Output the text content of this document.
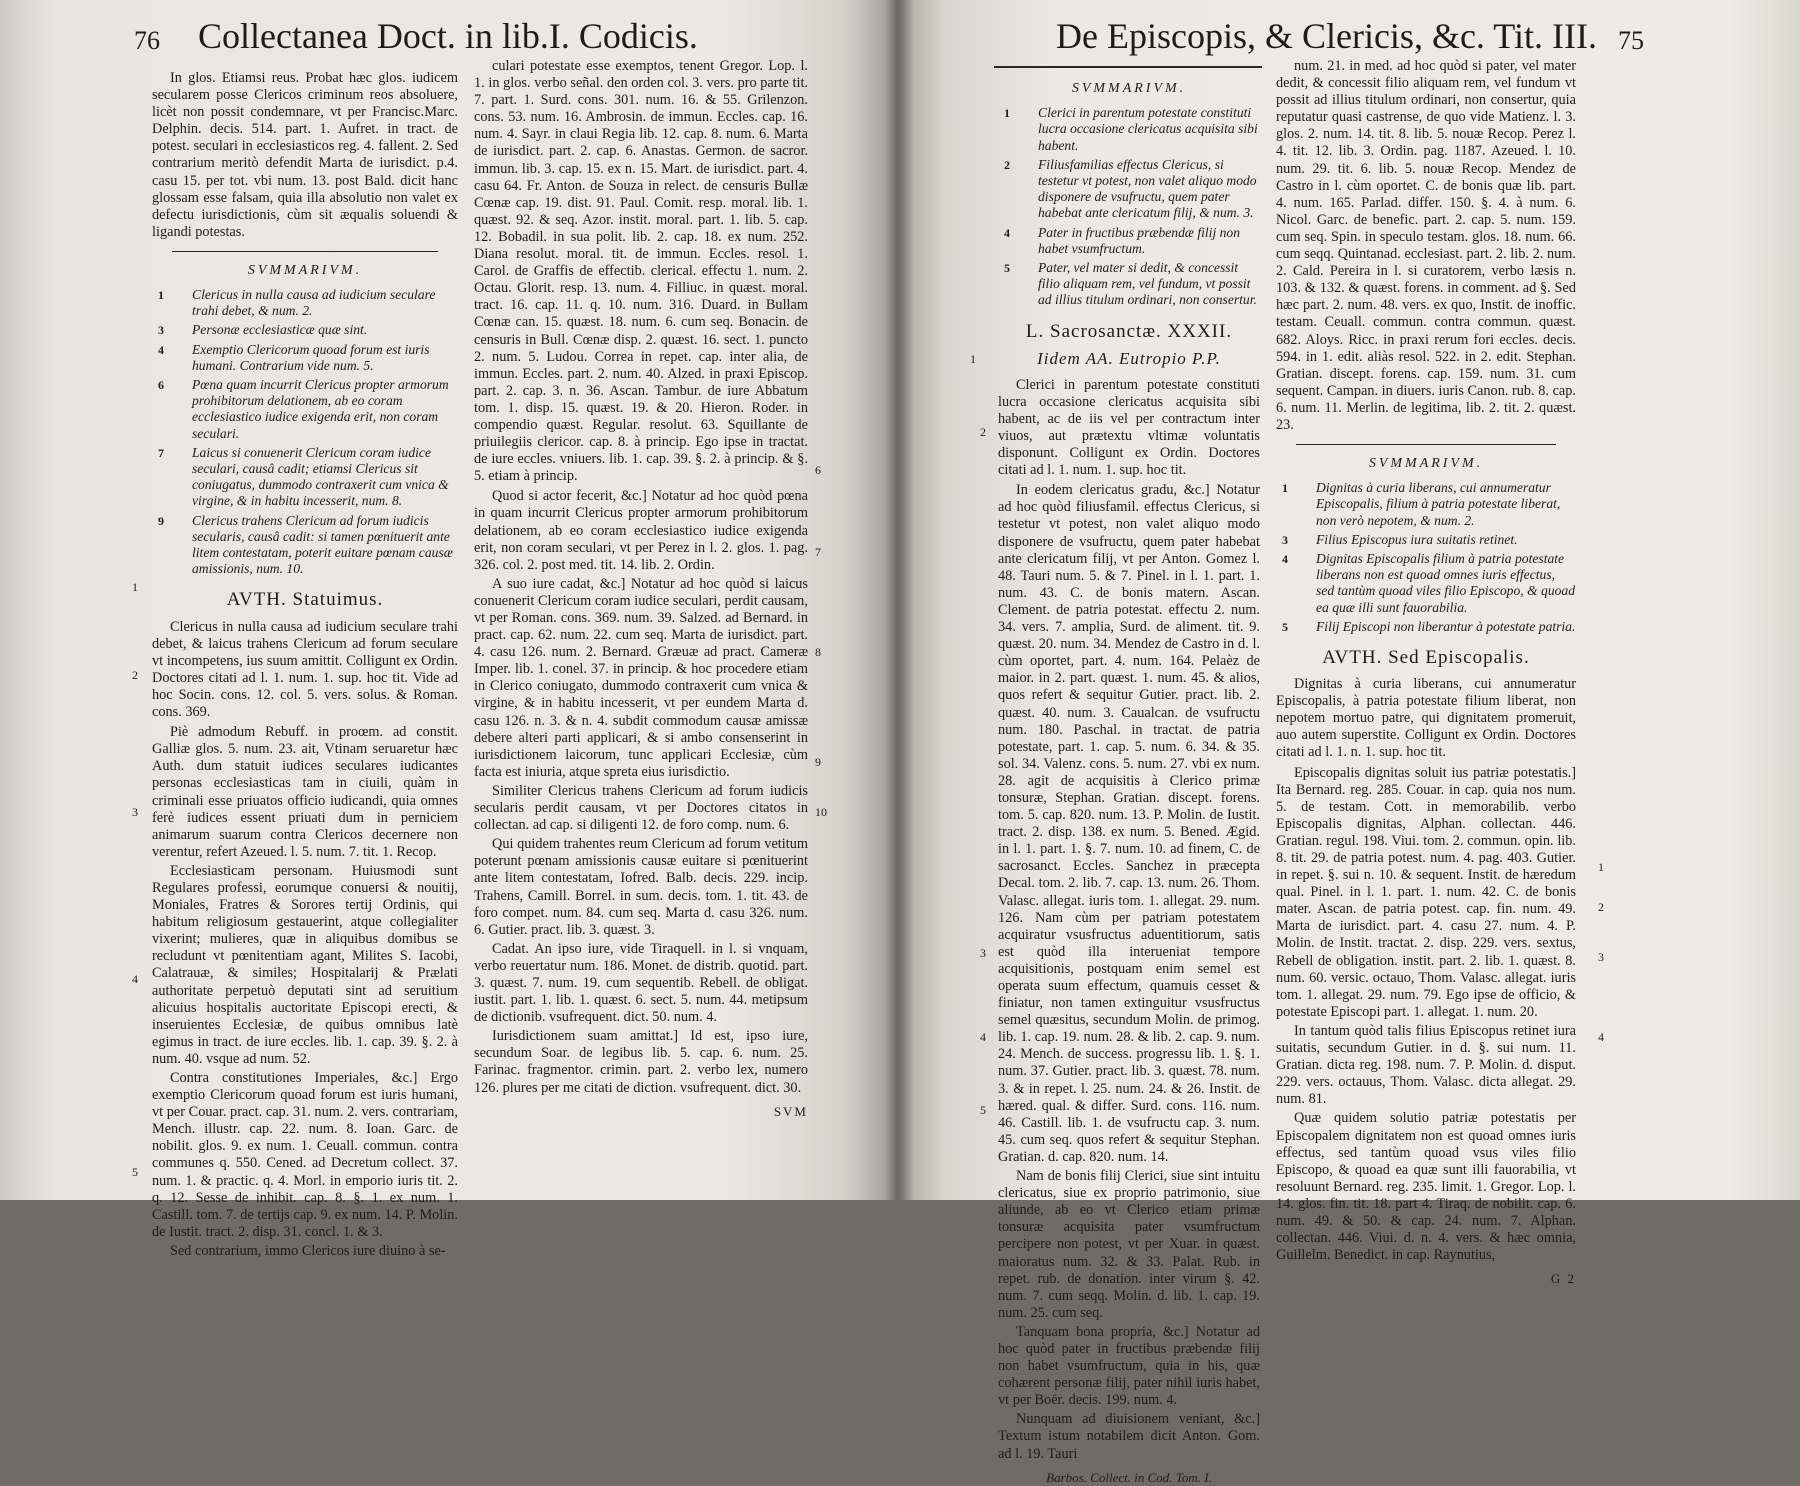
76 Collectanea Doct. in lib.I. Codicis.

In glos. Etiamsi reus. Probat hæc glos. iudicem secularem posse Clericos criminum reos absoluere, licèt non possit condemnare, vt per Francisc.Marc. Delphin. decis. 514. part. 1. Aufret. in tract. de potest. seculari in ecclesiasticos reg. 4. fallent. 2. Sed contrarium meritò defendit Marta de iurisdict. p.4. casu 15. per tot. vbi num. 13. post Bald. dicit hanc glossam esse falsam, quia illa absolutio non valet ex defectu iurisdictionis, cùm sit æqualis soluendi & ligandi potestas.

SVMMARIVM.
1 Clericus in nulla causa ad iudicium seculare trahi debet, & num. 2.
3 Personæ ecclesiasticæ quæ sint.
4 Exemptio Clericorum quoad forum est iuris humani. Contrarium vide num. 5.
6 Pœna quam incurrit Clericus propter armorum prohibitorum delationem, ab eo coram ecclesiastico iudice exigenda erit, non coram seculari.
7 Laicus si conuenerit Clericum coram iudice seculari, causâ cadit; etiamsi Clericus sit coniugatus, dummodo contraxerit cum vnica & virgine, & in habitu incesserit, num. 8.
9 Clericus trahens Clericum ad forum iudicis secularis, causâ cadit: si tamen pœnituerit ante litem contestatam, poterit euitare pœnam causæ amissionis, num. 10.
AVTH. Statuimus.

Clericus in nulla causa ad iudicium seculare trahi debet, & laicus trahens Clericum ad forum seculare vt incompetens, ius suum amittit. Colligunt ex Ordin. Doctores citati ad l. 1. num. 1. sup. hoc tit. Vide ad hoc Socin. cons. 12. col. 5. vers. solus. & Roman. cons. 369.

Piè admodum Rebuff. in proœm. ad constit. Galliæ glos. 5. num. 23. ait, Vtinam seruaretur hæc Auth. dum statuit iudices seculares iudicantes personas ecclesiasticas tam in ciuili, quàm in criminali esse priuatos officio iudicandi, quia omnes ferè iudices essent priuati dum in perniciem animarum suarum contra Clericos decernere non verentur, refert Azeued. l. 5. num. 7. tit. 1. Recop.

Ecclesiasticam personam. Huiusmodi sunt Regulares professi, eorumque conuersi & nouitij, Moniales, Fratres & Sorores tertij Ordinis, qui habitum religiosum gestauerint, atque collegialiter vixerint; mulieres, quæ in aliquibus domibus se recludunt vt pœnitentiam agant, Milites S. Iacobi, Calatrauæ, & similes; Hospitalarij & Prælati authoritate perpetuò deputati sint ad seruitium alicuius hospitalis auctoritate Episcopi erecti, & inseruientes Ecclesiæ, de quibus omnibus latè egimus in tract. de iure eccles. lib. 1. cap. 39. §. 2. à num. 40. vsque ad num. 52.

Contra constitutiones Imperiales, &c.] Ergo exemptio Clericorum quoad forum est iuris humani, vt per Couar. pract. cap. 31. num. 2. vers. contrariam, Mench. illustr. cap. 22. num. 8. Ioan. Garc. de nobilit. glos. 9. ex num. 1. Ceuall. commun. contra communes q. 550. Cened. ad Decretum collect. 37. num. 1. & practic. q. 4. Morl. in emporio iuris tit. 2. q. 12. Sesse de inhibit. cap. 8. §. 1. ex num. 1. Castill. tom. 7. de tertijs cap. 9. ex num. 14. P. Molin. de Iustit. tract. 2. disp. 31. concl. 1. & 3.

Sed contrarium, immo Clericos iure diuino à se-

culari potestate esse exemptos, tenent Gregor. Lop. l. 1. in glos. verbo señal. den orden col. 3. vers. pro parte tit. 7. part. 1. Surd. cons. 301. num. 16. & 55. Grilenzon. cons. 53. num. 16. Ambrosin. de immun. Eccles. cap. 16. num. 4. Sayr. in claui Regia lib. 12. cap. 8. num. 6. Marta de iurisdict. part. 2. cap. 6. Anastas. Germon. de sacror. immun. lib. 3. cap. 15. ex n. 15. Mart. de iurisdict. part. 4. casu 64. Fr. Anton. de Souza in relect. de censuris Bullæ Cœnæ cap. 19. dist. 91. Paul. Comit. resp. moral. lib. 1. quæst. 92. & seq. Azor. instit. moral. part. 1. lib. 5. cap. 12. Bobadil. in sua polit. lib. 2. cap. 18. ex num. 252. Diana resolut. moral. tit. de immun. Eccles. resol. 1. Carol. de Graffis de effectib. clerical. effectu 1. num. 2. Octau. Glorit. resp. 13. num. 4. Filliuc. in quæst. moral. tract. 16. cap. 11. q. 10. num. 316. Duard. in Bullam Cœnæ can. 15. quæst. 18. num. 6. cum seq. Bonacin. de censuris in Bull. Cœnæ disp. 2. quæst. 16. sect. 1. puncto 2. num. 5. Ludou. Correa in repet. cap. inter alia, de immun. Eccles. part. 2. num. 40. Alzed. in praxi Episcop. part. 2. cap. 3. n. 36. Ascan. Tambur. de iure Abbatum tom. 1. disp. 15. quæst. 19. & 20. Hieron. Roder. in compendio quæst. Regular. resolut. 63. Squillante de priuilegiis clericor. cap. 8. à princip. Ego ipse in tractat. de iure eccles. vniuers. lib. 1. cap. 39. §. 2. à princip. & §. 5. etiam à princip.

Quod si actor fecerit, &c.] Notatur ad hoc quòd pœna in quam incurrit Clericus propter armorum prohibitorum delationem, ab eo coram ecclesiastico iudice exigenda erit, non coram seculari, vt per Perez in l. 2. glos. 1. pag. 326. col. 2. post med. tit. 14. lib. 2. Ordin.

A suo iure cadat, &c.] Notatur ad hoc quòd si laicus conuenerit Clericum coram iudice seculari, perdit causam, vt per Roman. cons. 369. num. 39. Salzed. ad Bernard. in pract. cap. 62. num. 22. cum seq. Marta de iurisdict. part. 4. casu 126. num. 2. Bernard. Græuæ ad pract. Cameræ Imper. lib. 1. conel. 37. in princip. & hoc procedere etiam in Clerico coniugato, dummodo contraxerit cum vnica & virgine, & in habitu incesserit, vt per eundem Marta d. casu 126. n. 3. & n. 4. subdit commodum causæ amissæ debere alteri parti applicari, & si ambo consenserint in iurisdictionem laicorum, tunc applicari Ecclesiæ, cùm facta est iniuria, atque spreta eius iurisdictio.

Similiter Clericus trahens Clericum ad forum iudicis secularis perdit causam, vt per Doctores citatos in collectan. ad cap. si diligenti 12. de foro comp. num. 6.

Qui quidem trahentes reum Clericum ad forum vetitum poterunt pœnam amissionis causæ euitare si pœnituerint ante litem contestatam, Iofred. Balb. decis. 229. incip. Trahens, Camill. Borrel. in sum. decis. tom. 1. tit. 43. de foro compet. num. 84. cum seq. Marta d. casu 326. num. 6. Gutier. pract. lib. 3. quæst. 3.

Cadat. An ipso iure, vide Tiraquell. in l. si vnquam, verbo reuertatur num. 186. Monet. de distrib. quotid. part. 3. quæst. 7. num. 19. cum sequentib. Rebell. de obligat. iustit. part. 1. lib. 1. quæst. 6. sect. 5. num. 44. metipsum de dictionib. vsufrequent. dict. 50. num. 4.

Iurisdictionem suam amittat.] Id est, ipso iure, secundum Soar. de legibus lib. 5. cap. 6. num. 25. Farinac. fragmentor. crimin. part. 2. verbo lex, numero 126. plures per me citati de diction. vsufrequent. dict. 30.

SVM
1
2
3
4
5
6
7
8
9
10
De Episcopis, & Clericis, &c. Tit. III. 75
SVMMARIVM.
1 Clerici in parentum potestate constituti lucra occasione clericatus acquisita sibi habent.
2 Filiusfamilias effectus Clericus, si testetur vt potest, non valet aliquo modo disponere de vsufructu, quem pater habebat ante clericatum filij, & num. 3.
4 Pater in fructibus præbendæ filij non habet vsumfructum.
5 Pater, vel mater si dedit, & concessit filio aliquam rem, vel fundum, vt possit ad illius titulum ordinari, non consertur.
L. Sacrosanctæ. XXXII.
Iidem AA. Eutropio P.P.

Clerici in parentum potestate constituti lucra occasione clericatus acquisita sibi habent, ac de iis vel per contractum inter viuos, aut prætextu vltimæ voluntatis disponunt. Colligunt ex Ordin. Doctores citati ad l. 1. num. 1. sup. hoc tit.

In eodem clericatus gradu, &c.] Notatur ad hoc quòd filiusfamil. effectus Clericus, si testetur vt potest, non valet aliquo modo disponere de vsufructu, quem pater habebat ante clericatum filij, vt per Anton. Gomez l. 48. Tauri num. 5. & 7. Pinel. in l. 1. part. 1. num. 43. C. de bonis matern. Ascan. Clement. de patria potestat. effectu 2. num. 34. vers. 7. amplia, Surd. de aliment. tit. 9. quæst. 20. num. 34. Mendez de Castro in d. l. cùm oportet, part. 4. num. 164. Pelaèz de maior. in 2. part. quæst. 1. num. 45. & alios, quos refert & sequitur Gutier. pract. lib. 2. quæst. 40. num. 3. Caualcan. de vsufructu num. 180. Paschal. in tractat. de patria potestate, part. 1. cap. 5. num. 6. 34. & 35. sol. 34. Valenz. cons. 5. num. 27. vbi ex num. 28. agit de acquisitis à Clerico primæ tonsuræ, Stephan. Gratian. discept. forens. tom. 5. cap. 820. num. 13. P. Molin. de Iustit. tract. 2. disp. 138. ex num. 5. Bened. Ægid. in l. 1. part. 1. §. 7. num. 10. ad finem, C. de sacrosanct. Eccles. Sanchez in præcepta Decal. tom. 2. lib. 7. cap. 13. num. 26. Thom. Valasc. allegat. iuris tom. 1. allegat. 29. num. 126. Nam cùm per patriam potestatem acquiratur vsusfructus aduentitiorum, satis est quòd illa interueniat tempore acquisitionis, postquam enim semel est operata suum effectum, quamuis cesset & finiatur, non tamen extinguitur vsusfructus semel quæsitus, secundum Molin. de primog. lib. 1. cap. 19. num. 28. & lib. 2. cap. 9. num. 24. Mench. de success. progressu lib. 1. §. 1. num. 37. Gutier. pract. lib. 3. quæst. 78. num. 3. & in repet. l. 25. num. 24. & 26. Instit. de hæred. qual. & differ. Surd. cons. 116. num. 46. Castill. lib. 1. de vsufructu cap. 3. num. 45. cum seq. quos refert & sequitur Stephan. Gratian. d. cap. 820. num. 14.

Nam de bonis filij Clerici, siue sint intuitu clericatus, siue ex proprio patrimonio, siue aliunde, ab eo vt Clerico etiam primæ tonsuræ acquisita pater vsumfructum percipere non potest, vt per Xuar. in quæst. maioratus num. 32. & 33. Palat. Rub. in repet. rub. de donation. inter virum §. 42. num. 7. cum seqq. Molin. d. lib. 1. cap. 19. num. 25. cum seq.

Tanquam bona propria, &c.] Notatur ad hoc quòd pater in fructibus præbendæ filij non habet vsumfructum, quia in his, quæ cohærent personæ filij, pater nihil iuris habet, vt per Boër. decis. 199. num. 4.

Nunquam ad diuisionem veniant, &c.] Textum istum notabilem dicit Anton. Gom. ad l. 19. Tauri

Barbos. Collect. in Cod. Tom. I.

num. 21. in med. ad hoc quòd si pater, vel mater dedit, & concessit filio aliquam rem, vel fundum vt possit ad illius titulum ordinari, non consertur, quia reputatur quasi castrense, de quo vide Matienz. l. 3. glos. 2. num. 14. tit. 8. lib. 5. nouæ Recop. Perez l. 4. tit. 12. lib. 3. Ordin. pag. 1187. Azeued. l. 10. num. 29. tit. 6. lib. 5. nouæ Recop. Mendez de Castro in l. cùm oportet. C. de bonis quæ lib. part. 4. num. 165. Parlad. differ. 150. §. 4. à num. 6. Nicol. Garc. de benefic. part. 2. cap. 5. num. 159. cum seq. Spin. in speculo testam. glos. 18. num. 66. cum seqq. Quintanad. ecclesiast. part. 2. lib. 2. num. 2. Cald. Pereira in l. si curatorem, verbo læsis n. 103. & 132. & quæst. forens. in comment. ad §. Sed hæc part. 2. num. 48. vers. ex quo, Instit. de inoffic. testam. Ceuall. commun. contra commun. quæst. 682. Aloys. Ricc. in praxi rerum fori eccles. decis. 594. in 1. edit. aliàs resol. 522. in 2. edit. Stephan. Gratian. discept. forens. cap. 159. num. 31. cum sequent. Campan. in diuers. iuris Canon. rub. 8. cap. 6. num. 11. Merlin. de legitima, lib. 2. tit. 2. quæst. 23.

SVMMARIVM.
1 Dignitas à curia liberans, cui annumeratur Episcopalis, filium à patria potestate liberat, non verò nepotem, & num. 2.
3 Filius Episcopus iura suitatis retinet.
4 Dignitas Episcopalis filium à patria potestate liberans non est quoad omnes iuris effectus, sed tantùm quoad viles filio Episcopo, & quoad ea quæ illi sunt fauorabilia.
5 Filij Episcopi non liberantur à potestate patria.
AVTH. Sed Episcopalis.

Dignitas à curia liberans, cui annumeratur Episcopalis, à patria potestate filium liberat, non nepotem mortuo patre, qui dignitatem promeruit, auo autem superstite. Colligunt ex Ordin. Doctores citati ad l. 1. n. 1. sup. hoc tit.

Episcopalis dignitas soluit ius patriæ potestatis.] Ita Bernard. reg. 285. Couar. in cap. quia nos num. 5. de testam. Cott. in memorabilib. verbo Episcopalis dignitas, Alphan. collectan. 446. Gratian. regul. 198. Viui. tom. 2. commun. opin. lib. 8. tit. 29. de patria potest. num. 4. pag. 403. Gutier. in repet. §. sui n. 10. & sequent. Instit. de hæredum qual. Pinel. in l. 1. part. 1. num. 42. C. de bonis mater. Ascan. de patria potest. cap. fin. num. 49. Marta de iurisdict. part. 4. casu 27. num. 4. P. Molin. de Instit. tractat. 2. disp. 229. vers. sextus, Rebell de obligation. instit. part. 2. lib. 1. quæst. 8. num. 60. versic. octauo, Thom. Valasc. allegat. iuris tom. 1. allegat. 29. num. 79. Ego ipse de officio, & potestate Episcopi part. 1. allegat. 1. num. 20.

In tantum quòd talis filius Episcopus retinet iura suitatis, secundum Gutier. in d. §. sui num. 11. Gratian. dicta reg. 198. num. 7. P. Molin. d. disput. 229. vers. octauus, Thom. Valasc. dicta allegat. 29. num. 81.

Quæ quidem solutio patriæ potestatis per Episcopalem dignitatem non est quoad omnes iuris effectus, sed tantùm quoad vsus viles filio Episcopo, & quoad ea quæ sunt illi fauorabilia, vt resoluunt Bernard. reg. 235. limit. 1. Gregor. Lop. l. 14. glos. fin. tit. 18. part 4. Tiraq. de nobilit. cap. 6. num. 49. & 50. & cap. 24. num. 7. Alphan. collectan. 446. Viui. d. n. 4. vers. & hæc omnia, Guillelm. Benedict. in cap. Raynutius,

G 2
1
2
3
4
5
1
2
3
4
